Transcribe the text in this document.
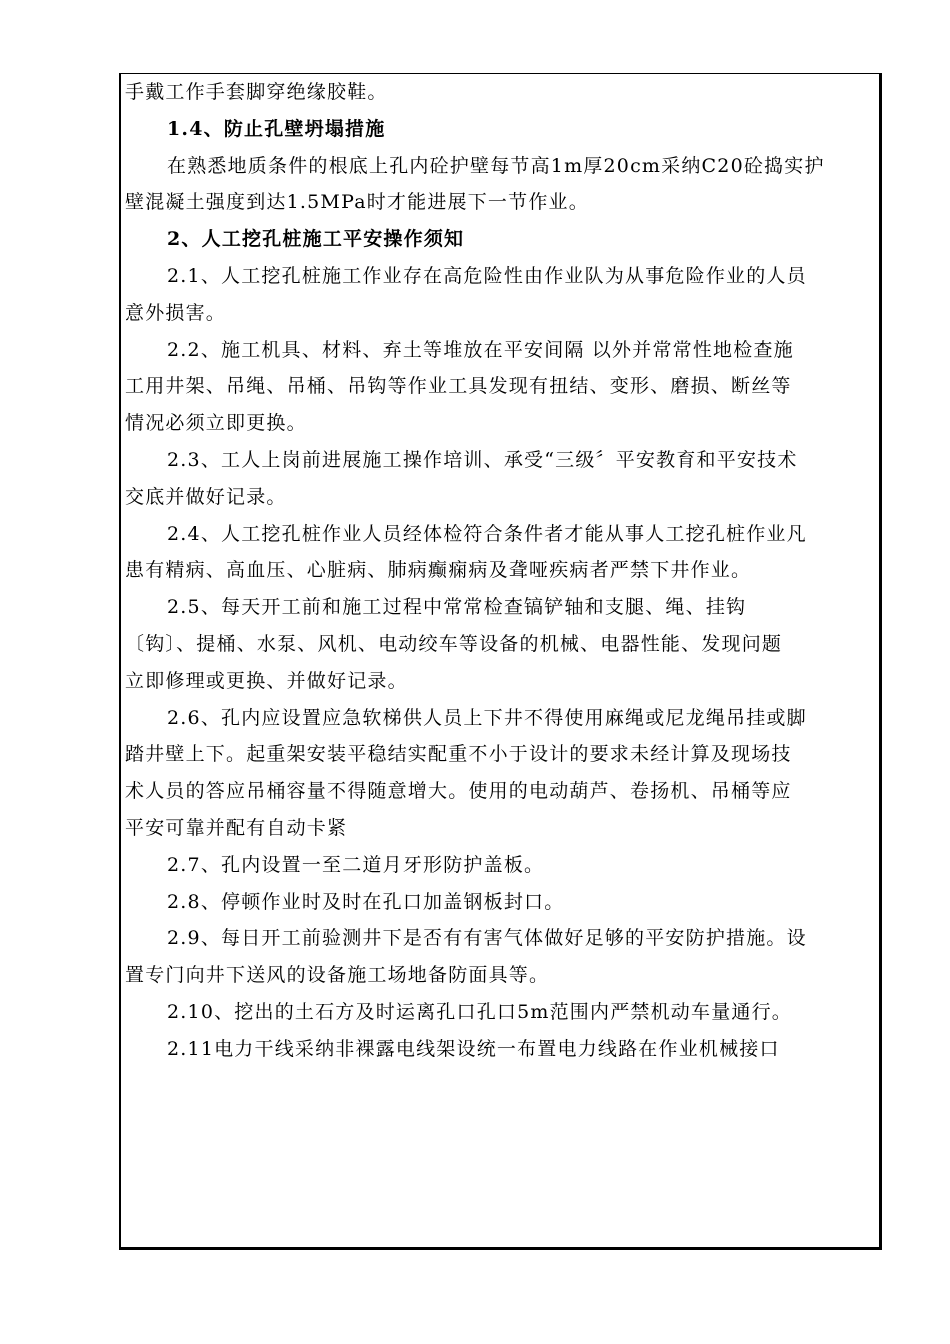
手戴工作手套脚穿绝缘胶鞋。
1.4、防止孔壁坍塌措施
在熟悉地质条件的根底上孔内砼护壁每节高1m厚20cm采纳C20砼捣实护
壁混凝土强度到达1.5MPa时才能进展下一节作业。
2、人工挖孔桩施工平安操作须知
2.1、人工挖孔桩施工作业存在高危险性由作业队为从事危险作业的人员
意外损害。
2.2、施工机具、材料、弃土等堆放在平安间隔 以外并常常性地检查施
工用井架、吊绳、吊桶、吊钩等作业工具发现有扭结、变形、磨损、断丝等
情况必须立即更换。
2.3、工人上岗前进展施工操作培训、承受“三级〞平安教育和平安技术
交底并做好记录。
2.4、人工挖孔桩作业人员经体检符合条件者才能从事人工挖孔桩作业凡
患有精病、高血压、心脏病、肺病癫痫病及聋哑疾病者严禁下井作业。
2.5、每天开工前和施工过程中常常检查镐铲轴和支腿、绳、挂钩
〔钩〕、提桶、水泵、风机、电动绞车等设备的机械、电器性能、发现问题
立即修理或更换、并做好记录。
2.6、孔内应设置应急软梯供人员上下井不得使用麻绳或尼龙绳吊挂或脚
踏井壁上下。起重架安装平稳结实配重不小于设计的要求未经计算及现场技
术人员的答应吊桶容量不得随意增大。使用的电动葫芦、卷扬机、吊桶等应
平安可靠并配有自动卡紧
2.7、孔内设置一至二道月牙形防护盖板。
2.8、停顿作业时及时在孔口加盖钢板封口。
2.9、每日开工前验测井下是否有有害气体做好足够的平安防护措施。设
置专门向井下送风的设备施工场地备防面具等。
2.10、挖出的土石方及时运离孔口孔口5m范围内严禁机动车量通行。
2.11电力干线采纳非裸露电线架设统一布置电力线路在作业机械接口
